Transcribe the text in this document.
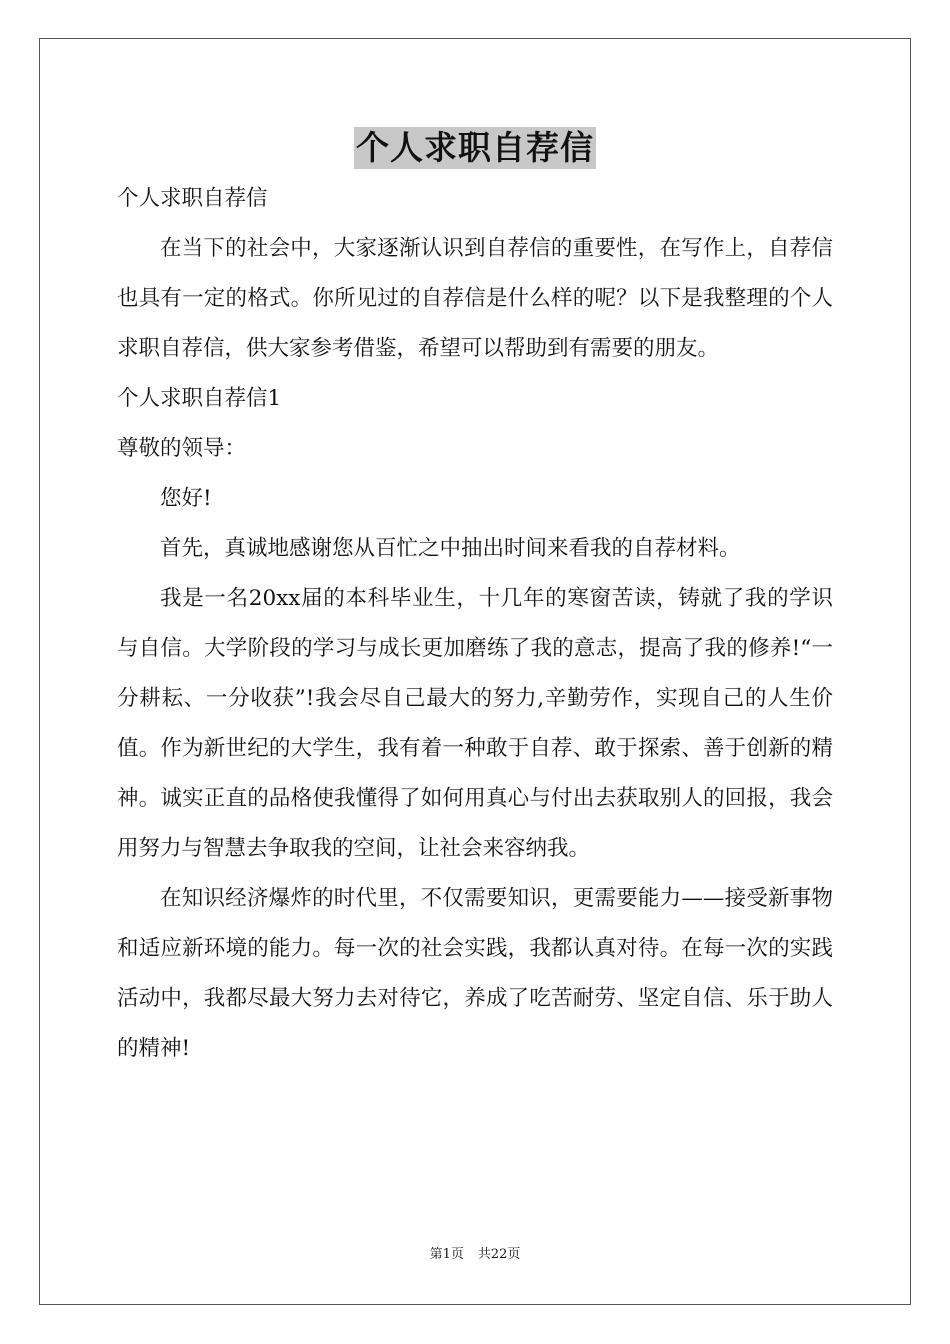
个人求职自荐信

个人求职自荐信

在当下的社会中，大家逐渐认识到自荐信的重要性，在写作上，自荐信也具有一定的格式。你所见过的自荐信是什么样的呢？以下是我整理的个人求职自荐信，供大家参考借鉴，希望可以帮助到有需要的朋友。

个人求职自荐信1

尊敬的领导：

您好!

首先，真诚地感谢您从百忙之中抽出时间来看我的自荐材料。

我是一名20xx届的本科毕业生，十几年的寒窗苦读，铸就了我的学识与自信。大学阶段的学习与成长更加磨练了我的意志，提高了我的修养!“一分耕耘、一分收获”!我会尽自己最大的努力,辛勤劳作，实现自己的人生价值。作为新世纪的大学生，我有着一种敢于自荐、敢于探索、善于创新的精神。诚实正直的品格使我懂得了如何用真心与付出去获取别人的回报，我会用努力与智慧去争取我的空间，让社会来容纳我。

在知识经济爆炸的时代里，不仅需要知识，更需要能力——接受新事物和适应新环境的能力。每一次的社会实践，我都认真对待。在每一次的实践活动中，我都尽最大努力去对待它，养成了吃苦耐劳、坚定自信、乐于助人的精神!

第1页 共22页
